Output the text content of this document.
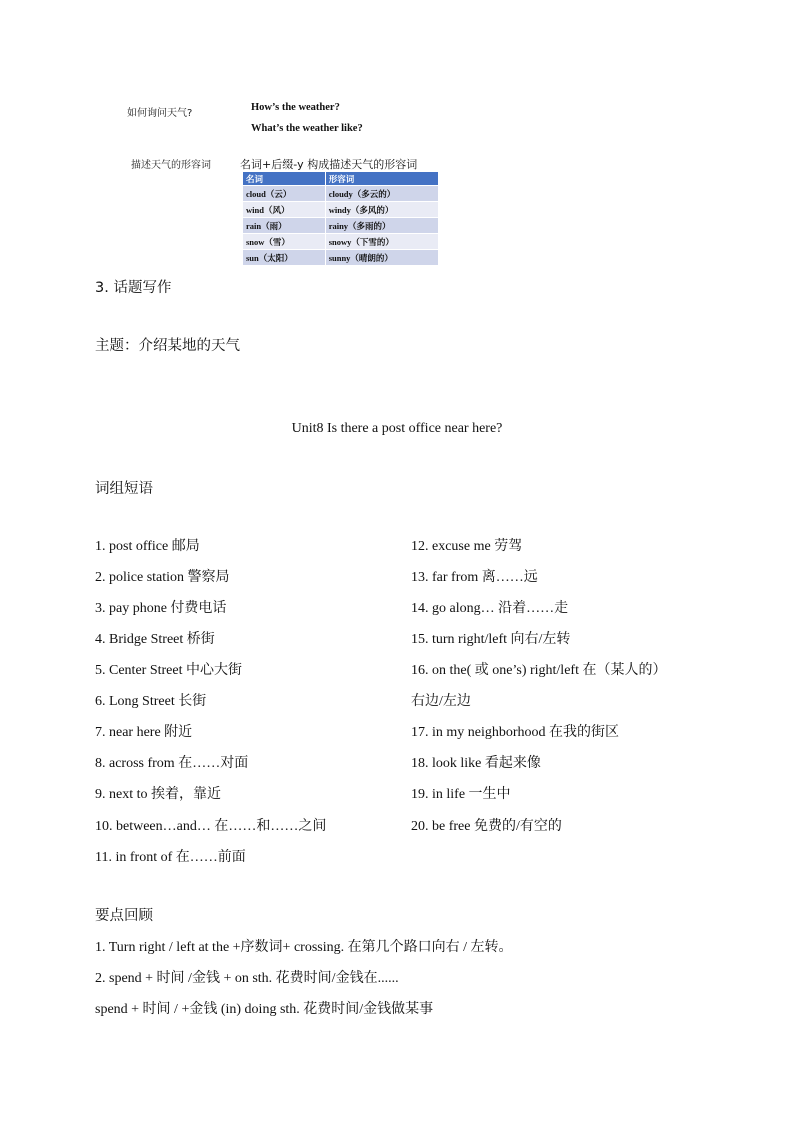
如何询问天气?
How’s the weather?
What’s the weather like?
描述天气的形容词	名词+后缀-y 构成描述天气的形容词
名词	形容词
cloud（云）	cloudy（多云的）
wind（风）	windy（多风的）
rain（雨）	rainy（多雨的）
snow（雪）	snowy（下雪的）
sun（太阳）	sunny（晴朗的）
3. 话题写作
主题：介绍某地的天气
Unit8 Is there a post office near here?
词组短语
1. post office 邮局
2. police station 警察局
3. pay phone 付费电话
4. Bridge Street 桥街
5. Center Street 中心大街
6. Long Street 长街
7. near here 附近
8. across from 在……对面
9. next to 挨着，靠近
10. between…and… 在……和……之间
11. in front of 在……前面
12. excuse me 劳驾
13. far from 离……远
14. go along… 沿着……走
15. turn right/left 向右/左转
16. on the( 或 one’s) right/left 在（某人的）
右边/左边
17. in my neighborhood 在我的街区
18. look like 看起来像
19. in life 一生中
20. be free 免费的/有空的
要点回顾
1. Turn right / left at the +序数词+ crossing. 在第几个路口向右 / 左转。
2. spend + 时间 /金钱 + on sth. 花费时间/金钱在......
spend + 时间 / +金钱 (in) doing sth. 花费时间/金钱做某事
